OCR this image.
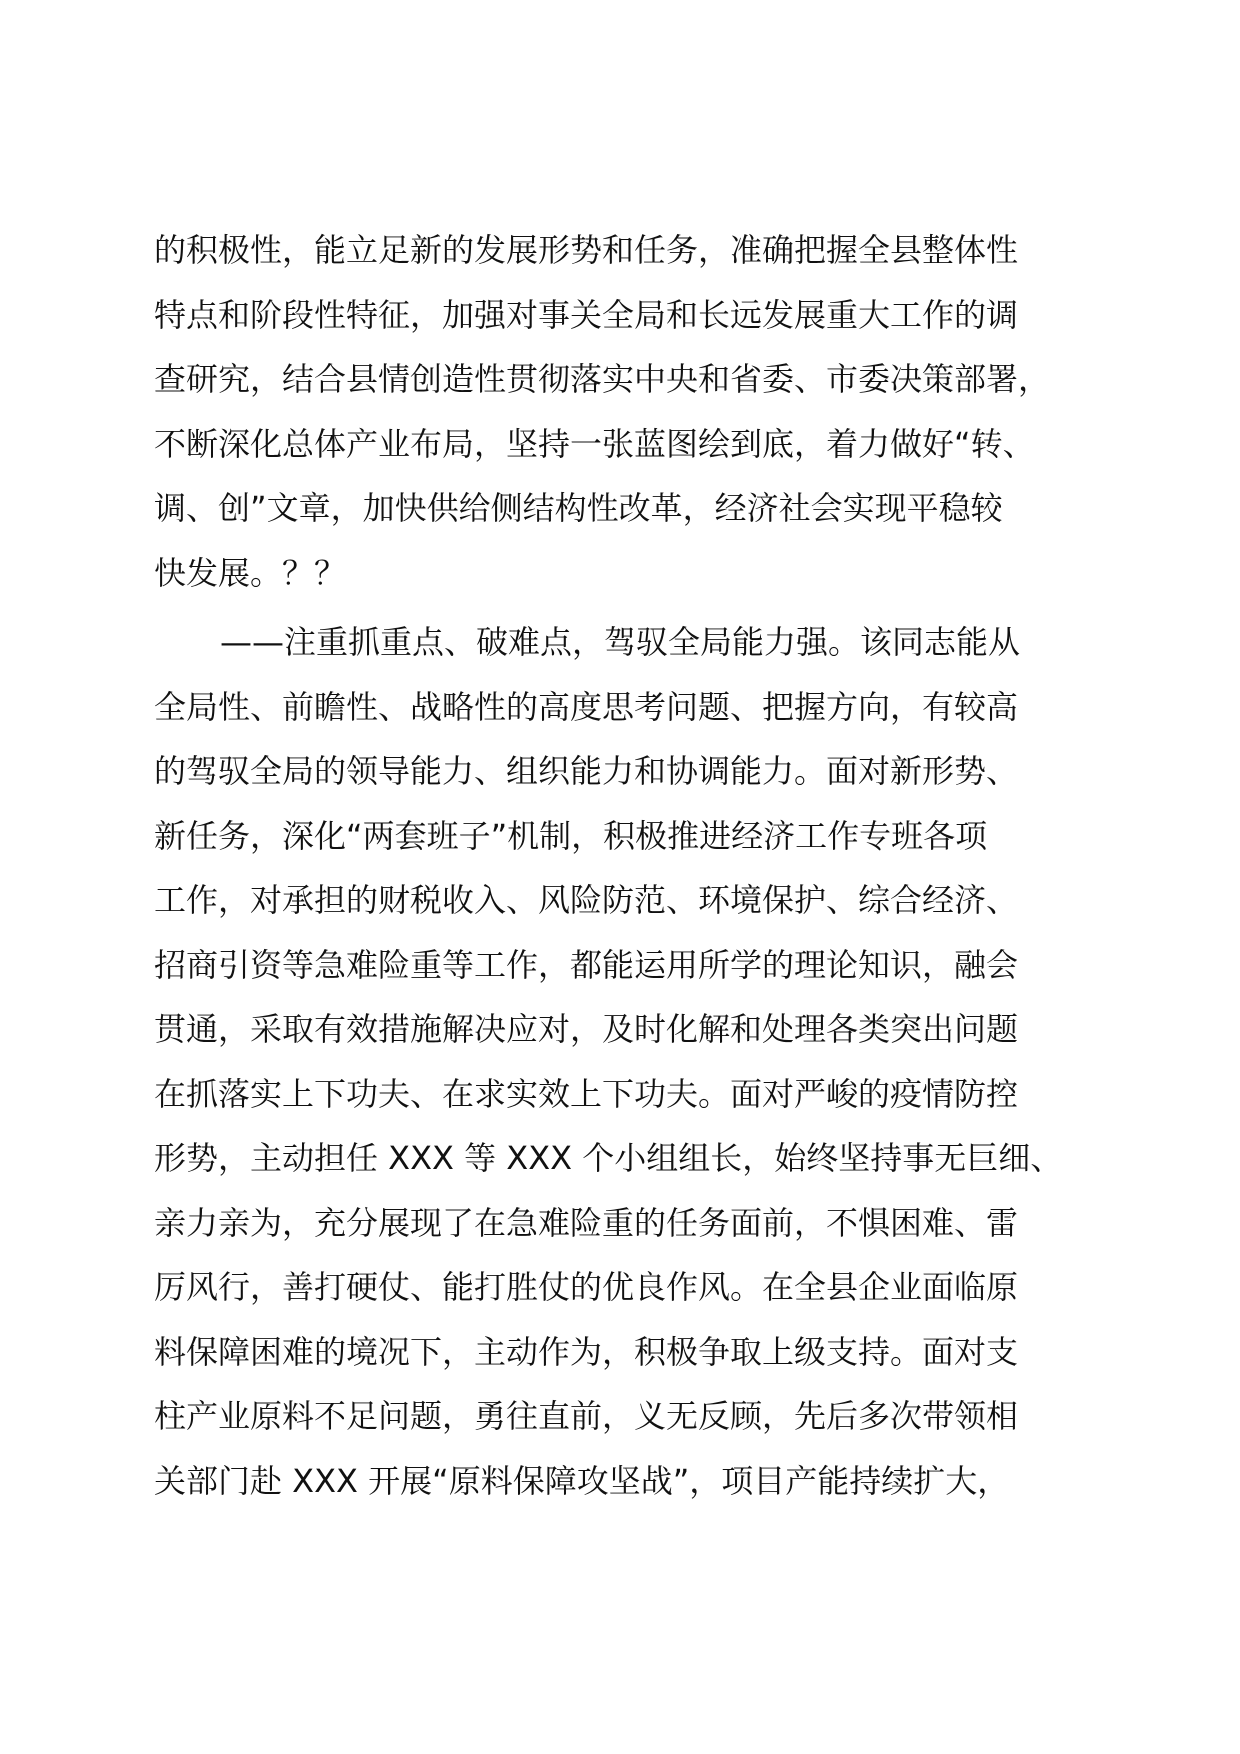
的积极性，能立足新的发展形势和任务，准确把握全县整体性
特点和阶段性特征，加强对事关全局和长远发展重大工作的调
查研究，结合县情创造性贯彻落实中央和省委、市委决策部署，
不断深化总体产业布局，坚持一张蓝图绘到底，着力做好“转、
调、创”文章，加快供给侧结构性改革，经济社会实现平稳较
快发展。？？
——注重抓重点、破难点，驾驭全局能力强。该同志能从
全局性、前瞻性、战略性的高度思考问题、把握方向，有较高
的驾驭全局的领导能力、组织能力和协调能力。面对新形势、
新任务，深化“两套班子”机制，积极推进经济工作专班各项
工作，对承担的财税收入、风险防范、环境保护、综合经济、
招商引资等急难险重等工作，都能运用所学的理论知识，融会
贯通，采取有效措施解决应对，及时化解和处理各类突出问题
在抓落实上下功夫、在求实效上下功夫。面对严峻的疫情防控
形势，主动担任 XXX 等 XXX 个小组组长，始终坚持事无巨细、
亲力亲为，充分展现了在急难险重的任务面前，不惧困难、雷
厉风行，善打硬仗、能打胜仗的优良作风。在全县企业面临原
料保障困难的境况下，主动作为，积极争取上级支持。面对支
柱产业原料不足问题，勇往直前，义无反顾，先后多次带领相
关部门赴 XXX 开展“原料保障攻坚战”，项目产能持续扩大，
